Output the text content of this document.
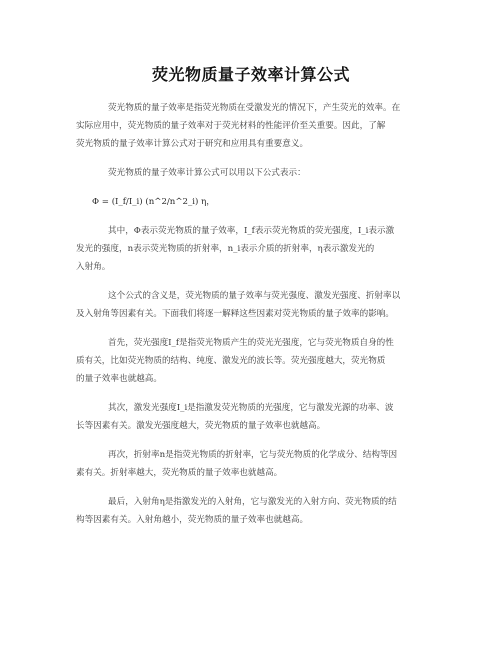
荧光物质量子效率计算公式

荧光物质的量子效率是指荧光物质在受激发光的情况下，产生荧光的效率。在
实际应用中，荧光物质的量子效率对于荧光材料的性能评价至关重要。因此，了解
荧光物质的量子效率计算公式对于研究和应用具有重要意义。

荧光物质的量子效率计算公式可以用以下公式表示：

Φ = (I_f/I_i) (n^2/n^2_i) η，

其中，Φ表示荧光物质的量子效率，I_f表示荧光物质的荧光强度，I_i表示激
发光的强度，n表示荧光物质的折射率，n_i表示介质的折射率，η表示激发光的
入射角。

这个公式的含义是，荧光物质的量子效率与荧光强度、激发光强度、折射率以
及入射角等因素有关。下面我们将逐一解释这些因素对荧光物质的量子效率的影响。

首先，荧光强度I_f是指荧光物质产生的荧光光强度，它与荧光物质自身的性
质有关，比如荧光物质的结构、纯度、激发光的波长等。荧光强度越大，荧光物质
的量子效率也就越高。

其次，激发光强度I_i是指激发荧光物质的光强度，它与激发光源的功率、波
长等因素有关。激发光强度越大，荧光物质的量子效率也就越高。

再次，折射率n是指荧光物质的折射率，它与荧光物质的化学成分、结构等因
素有关。折射率越大，荧光物质的量子效率也就越高。

最后，入射角η是指激发光的入射角，它与激发光的入射方向、荧光物质的结
构等因素有关。入射角越小，荧光物质的量子效率也就越高。
